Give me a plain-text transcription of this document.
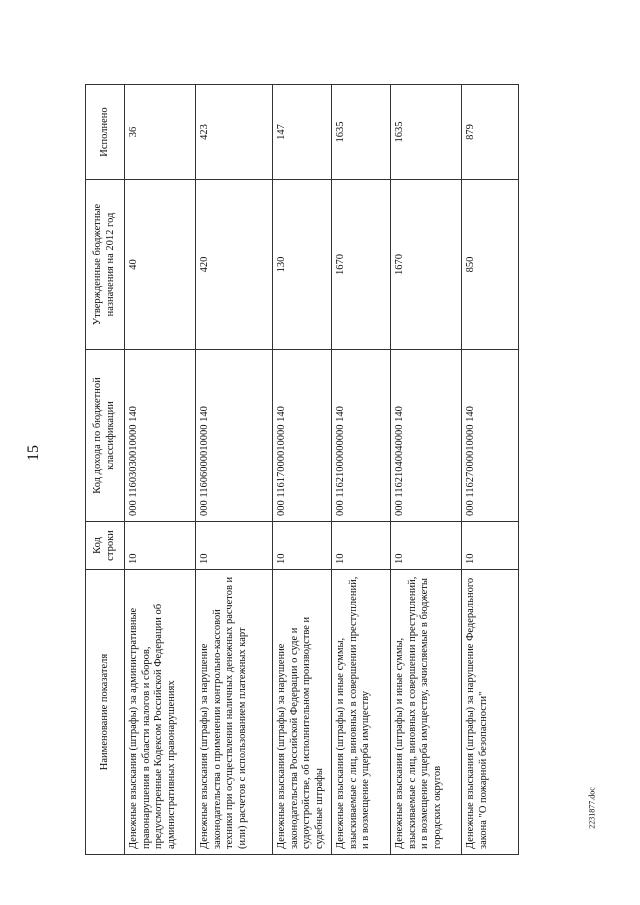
15
2231877.doc
Наименование показателя	Код строки	Код дохода по бюджетной классификации	Утвержденные бюджетные назначения на 2012 год	Исполнено
Денежные взыскания (штрафы) за административные правонарушения в области налогов и сборов, предусмотренные Кодексом Российской Федерации об административных правонарушениях	10	000 11603030010000 140	40	36
Денежные взыскания (штрафы) за нарушение законодательства о применении контрольно-кассовой техники при осуществлении наличных денежных расчетов и (или) расчетов с использованием платежных карт	10	000 11606000010000 140	420	423
Денежные взыскания (штрафы) за нарушение законодательства Российской Федерации о суде и судоустройстве, об исполнительном производстве и судебные штрафы	10	000 11617000010000 140	130	147
Денежные взыскания (штрафы) и иные суммы, взыскиваемые с лиц, виновных в совершении преступлений, и в возмещение ущерба имуществу	10	000 11621000000000 140	1670	1635
Денежные взыскания (штрафы) и иные суммы, взыскиваемые с лиц, виновных в совершении преступлений, и в возмещение ущерба имуществу, зачисляемые в бюджеты городских округов	10	000 11621040040000 140	1670	1635
Денежные взыскания (штрафы) за нарушение Федерального закона "О пожарной безопасности"	10	000 11627000010000 140	850	879
